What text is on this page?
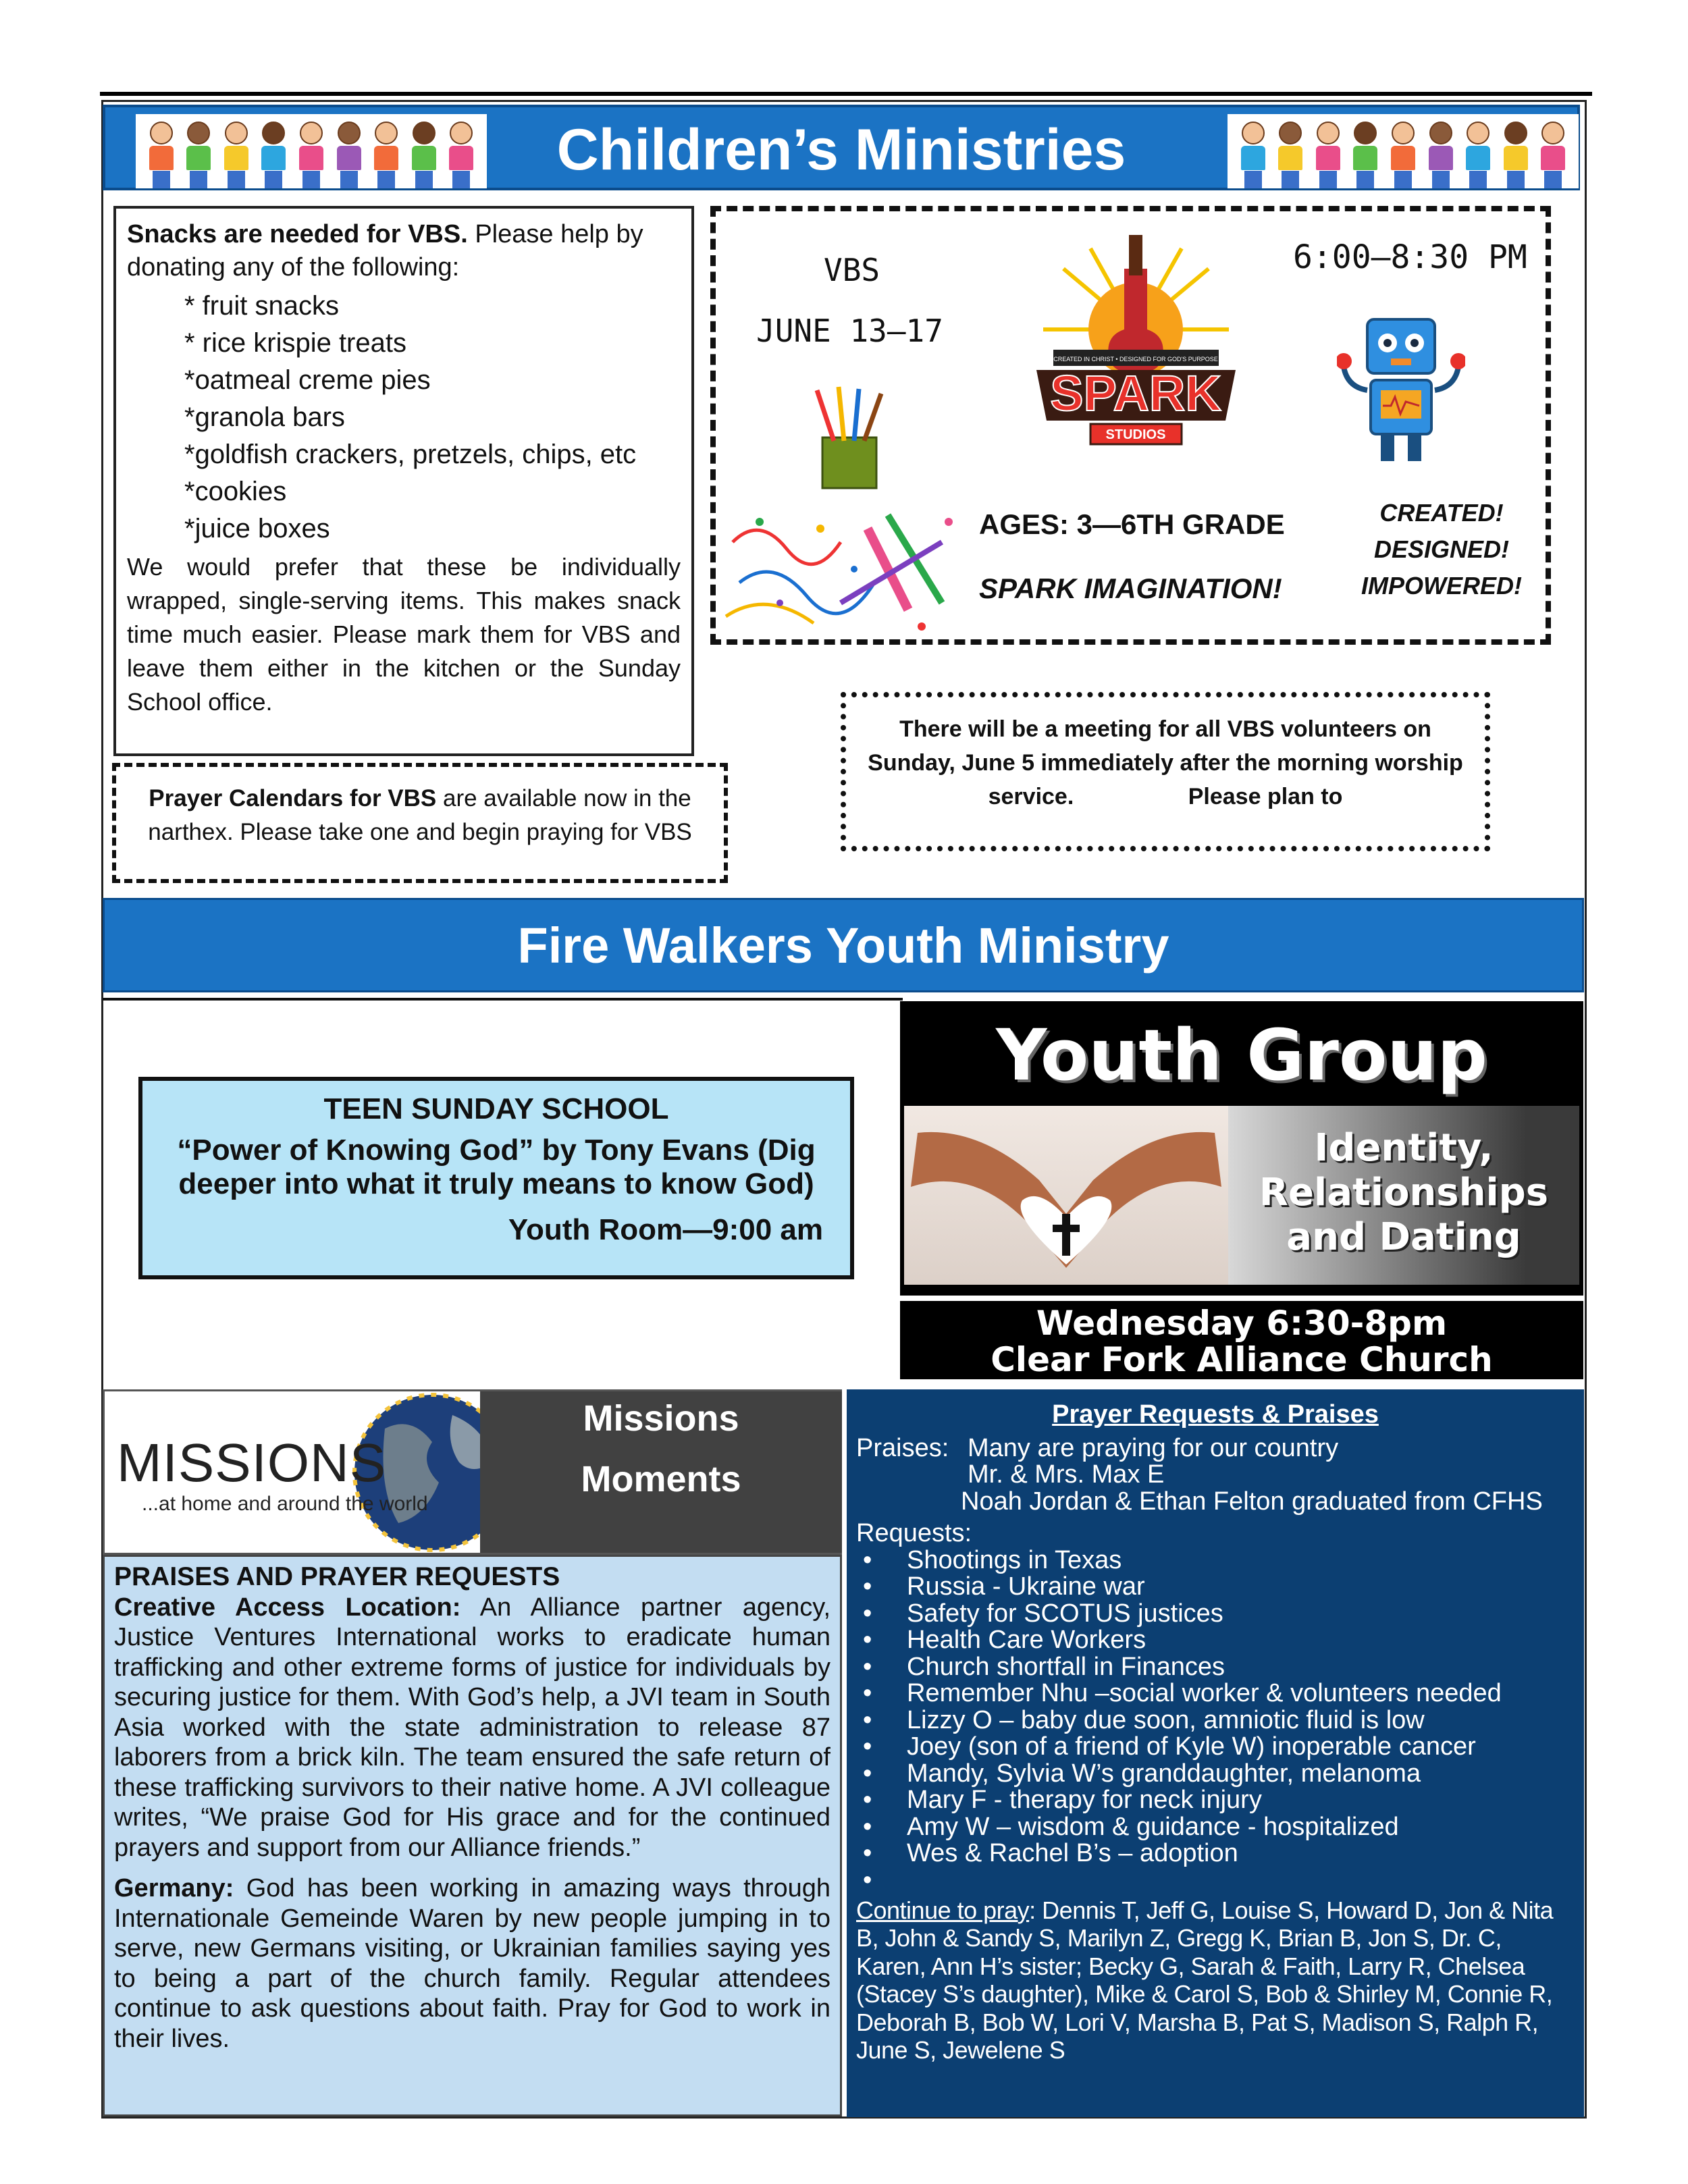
Children’s Ministries
Snacks are needed for VBS. Please help by donating any of the following:
* fruit snacks
* rice krispie treats
*oatmeal creme pies
*granola bars
*goldfish crackers, pretzels, chips, etc
*cookies
*juice boxes
We would prefer that these be individually wrapped, single-serving items. This makes snack time much easier. Please mark them for VBS and leave them either in the kitchen or the Sunday School office.
VBS
JUNE 13–17
6:00–8:30 PM
CREATED IN CHRIST • DESIGNED FOR GOD'S PURPOSE
SPARK
STUDIOS
AGES: 3—6TH GRADE
SPARK IMAGINATION!
CREATED!
DESIGNED!
IMPOWERED!
There will be a meeting for all VBS volunteers on Sunday, June 5 immediately after the morning worship service.	Please plan to
Prayer Calendars for VBS are available now in the narthex. Please take one and begin praying for VBS
Fire Walkers Youth Ministry
TEEN SUNDAY SCHOOL
“Power of Knowing God” by Tony Evans (Dig deeper into what it truly means to know God)
Youth Room—9:00 am
Youth Group
Identity,
Relationships
and Dating
Wednesday 6:30-8pm
Clear Fork Alliance Church
MISSIONS
...at home and around the world
Missions
Moments
PRAISES AND PRAYER REQUESTS
Creative Access Location: An Alliance partner agency, Justice Ventures International works to eradicate human trafficking and other extreme forms of justice for individuals by securing justice for them. With God’s help, a JVI team in South Asia worked with the state administration to release 87 laborers from a brick kiln. The team ensured the safe return of these trafficking survivors to their native home. A JVI colleague writes, “We praise God for His grace and for the continued prayers and support from our Alliance friends.”
Germany: God has been working in amazing ways through Internationale Gemeinde Waren by new people jumping in to serve, new Germans visiting, or Ukrainian families saying yes to being a part of the church family. Regular attendees continue to ask questions about faith. Pray for God to work in their lives.
Prayer Requests & Praises
Praises: Many are praying for our country
Mr. & Mrs. Max E
Noah Jordan & Ethan Felton graduated from CFHS
Requests:
• Shootings in Texas
• Russia - Ukraine war
• Safety for SCOTUS justices
• Health Care Workers
• Church shortfall in Finances
• Remember Nhu –social worker & volunteers needed
• Lizzy O – baby due soon, amniotic fluid is low
• Joey (son of a friend of Kyle W) inoperable cancer
• Mandy, Sylvia W’s granddaughter, melanoma
• Mary F - therapy for neck injury
• Amy W – wisdom & guidance - hospitalized
• Wes & Rachel B’s – adoption
•
Continue to pray: Dennis T, Jeff G, Louise S, Howard D, Jon & Nita B, John & Sandy S, Marilyn Z, Gregg K, Brian B, Jon S, Dr. C, Karen, Ann H’s sister; Becky G, Sarah & Faith, Larry R, Chelsea (Stacey S’s daughter), Mike & Carol S, Bob & Shirley M, Connie R, Deborah B, Bob W, Lori V, Marsha B, Pat S, Madison S, Ralph R, June S, Jewelene S
